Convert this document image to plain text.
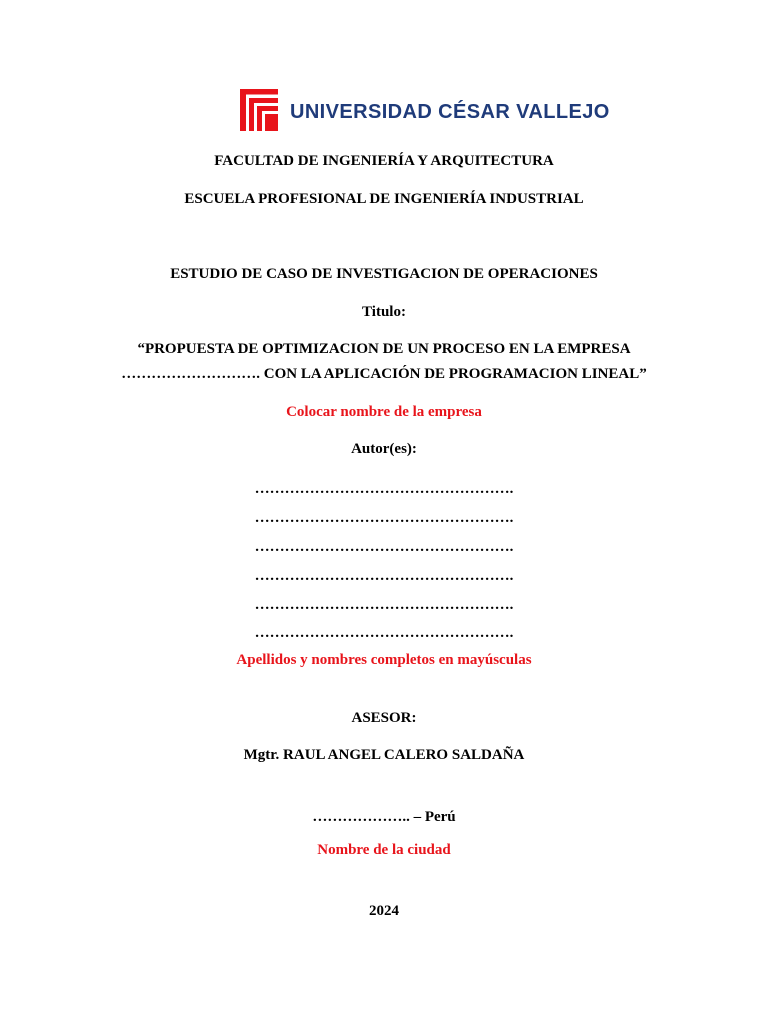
UNIVERSIDAD CÉSAR VALLEJO
FACULTAD DE INGENIERÍA Y ARQUITECTURA
ESCUELA PROFESIONAL DE INGENIERÍA INDUSTRIAL
ESTUDIO DE CASO DE INVESTIGACION DE OPERACIONES
Titulo:
“PROPUESTA DE OPTIMIZACION DE UN PROCESO EN LA EMPRESA
………………………. CON LA APLICACIÓN DE PROGRAMACION LINEAL”
Colocar nombre de la empresa
Autor(es):
…………………………………………….
…………………………………………….
…………………………………………….
…………………………………………….
…………………………………………….
…………………………………………….
Apellidos y nombres completos en mayúsculas
ASESOR:
Mgtr. RAUL ANGEL CALERO SALDAÑA
……………….. – Perú
Nombre de la ciudad
2024
